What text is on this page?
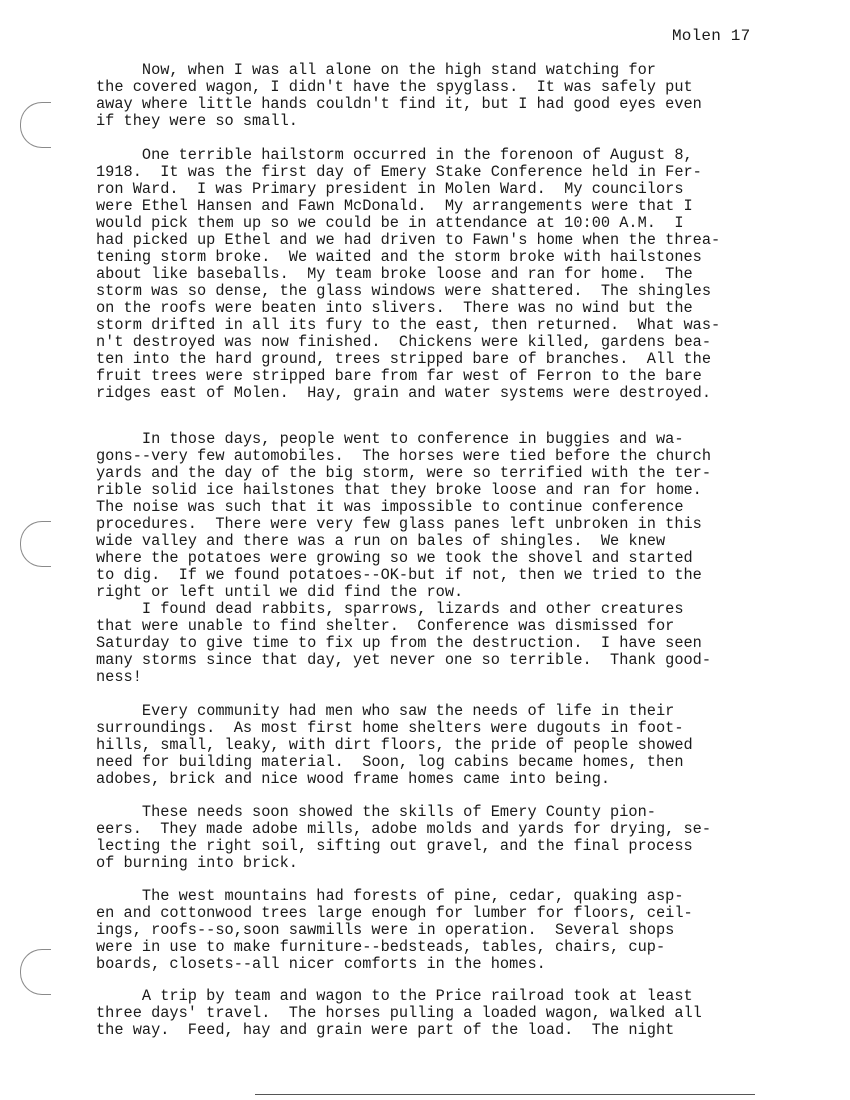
Molen 17
Now, when I was all alone on the high stand watching for
the covered wagon, I didn't have the spyglass.  It was safely put
away where little hands couldn't find it, but I had good eyes even
if they were so small.
One terrible hailstorm occurred in the forenoon of August 8,
1918.  It was the first day of Emery Stake Conference held in Fer-
ron Ward.  I was Primary president in Molen Ward.  My councilors
were Ethel Hansen and Fawn McDonald.  My arrangements were that I
would pick them up so we could be in attendance at 10:00 A.M.  I
had picked up Ethel and we had driven to Fawn's home when the threa-
tening storm broke.  We waited and the storm broke with hailstones
about like baseballs.  My team broke loose and ran for home.  The
storm was so dense, the glass windows were shattered.  The shingles
on the roofs were beaten into slivers.  There was no wind but the
storm drifted in all its fury to the east, then returned.  What was-
n't destroyed was now finished.  Chickens were killed, gardens bea-
ten into the hard ground, trees stripped bare of branches.  All the
fruit trees were stripped bare from far west of Ferron to the bare
ridges east of Molen.  Hay, grain and water systems were destroyed.
In those days, people went to conference in buggies and wa-
gons--very few automobiles.  The horses were tied before the church
yards and the day of the big storm, were so terrified with the ter-
rible solid ice hailstones that they broke loose and ran for home.
The noise was such that it was impossible to continue conference
procedures.  There were very few glass panes left unbroken in this
wide valley and there was a run on bales of shingles.  We knew
where the potatoes were growing so we took the shovel and started
to dig.  If we found potatoes--OK-but if not, then we tried to the
right or left until we did find the row.
I found dead rabbits, sparrows, lizards and other creatures
that were unable to find shelter.  Conference was dismissed for
Saturday to give time to fix up from the destruction.  I have seen
many storms since that day, yet never one so terrible.  Thank good-
ness!
Every community had men who saw the needs of life in their
surroundings.  As most first home shelters were dugouts in foot-
hills, small, leaky, with dirt floors, the pride of people showed
need for building material.  Soon, log cabins became homes, then
adobes, brick and nice wood frame homes came into being.
These needs soon showed the skills of Emery County pion-
eers.  They made adobe mills, adobe molds and yards for drying, se-
lecting the right soil, sifting out gravel, and the final process
of burning into brick.
The west mountains had forests of pine, cedar, quaking asp-
en and cottonwood trees large enough for lumber for floors, ceil-
ings, roofs--so,soon sawmills were in operation.  Several shops
were in use to make furniture--bedsteads, tables, chairs, cup-
boards, closets--all nicer comforts in the homes.
A trip by team and wagon to the Price railroad took at least
three days' travel.  The horses pulling a loaded wagon, walked all
the way.  Feed, hay and grain were part of the load.  The night
